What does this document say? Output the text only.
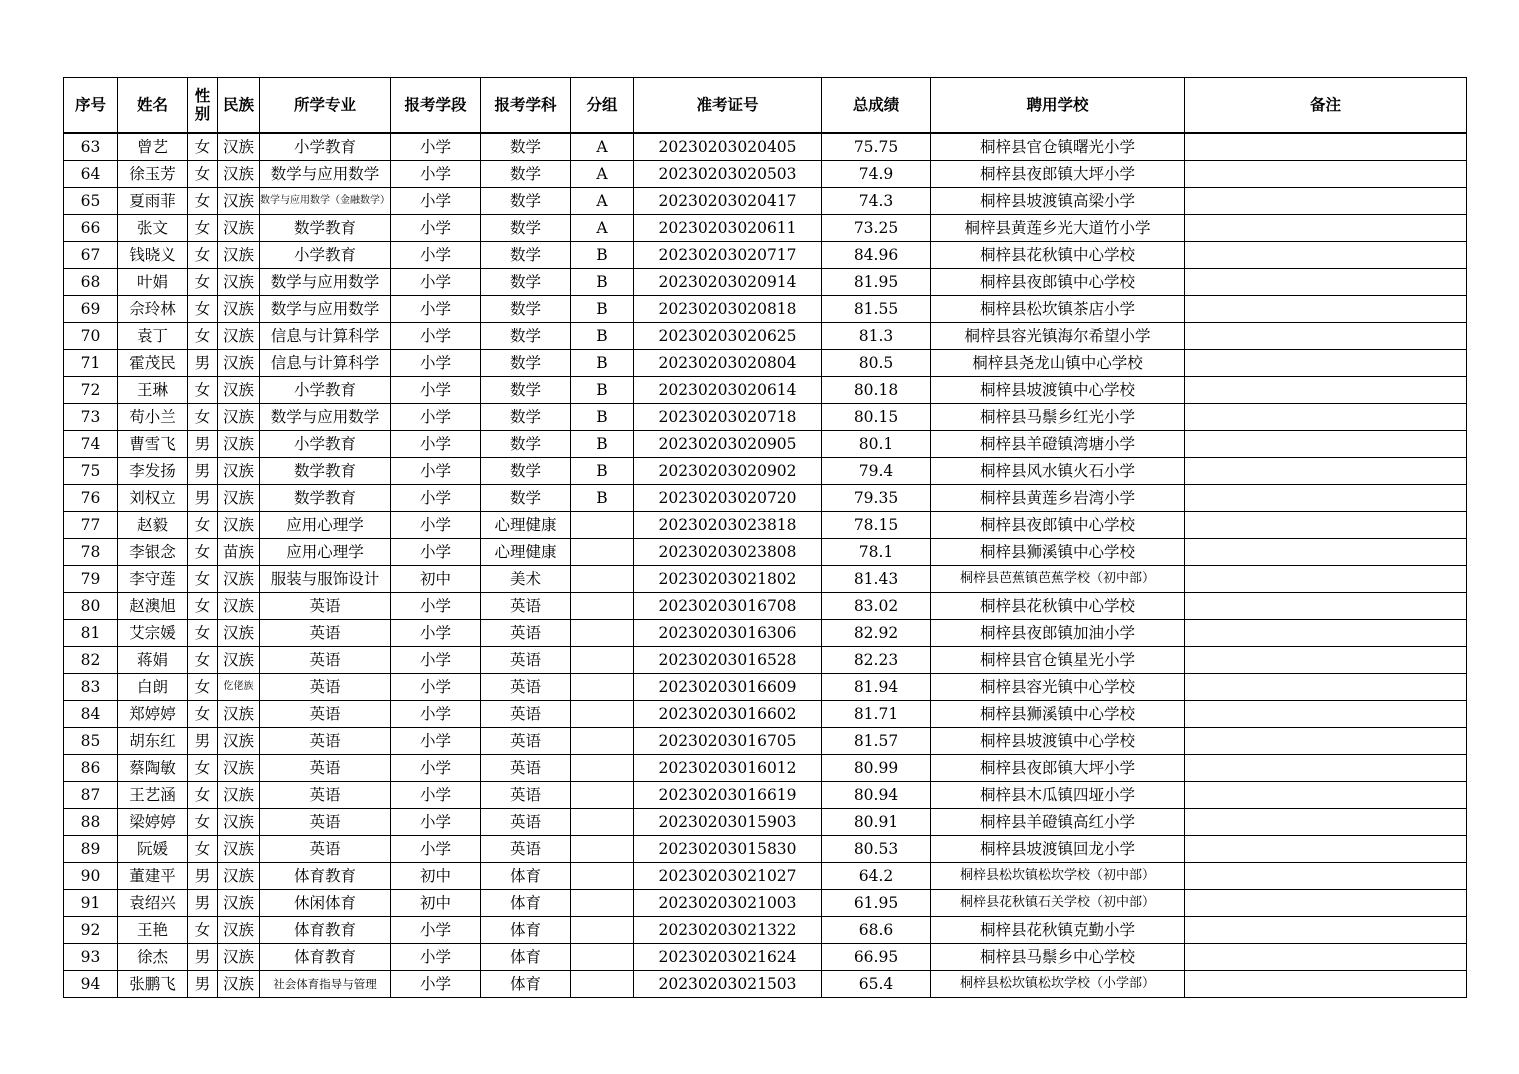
序号	姓名	性别	民族	所学专业	报考学段	报考学科	分组	准考证号	总成绩	聘用学校	备注
63	曾艺	女	汉族	小学教育	小学	数学	A	20230203020405	75.75	桐梓县官仓镇曙光小学	
64	徐玉芳	女	汉族	数学与应用数学	小学	数学	A	20230203020503	74.9	桐梓县夜郎镇大坪小学	
65	夏雨菲	女	汉族	数学与应用数学（金融数学）	小学	数学	A	20230203020417	74.3	桐梓县坡渡镇高梁小学	
66	张文	女	汉族	数学教育	小学	数学	A	20230203020611	73.25	桐梓县黄莲乡光大道竹小学	
67	钱晓义	女	汉族	小学教育	小学	数学	B	20230203020717	84.96	桐梓县花秋镇中心学校	
68	叶娟	女	汉族	数学与应用数学	小学	数学	B	20230203020914	81.95	桐梓县夜郎镇中心学校	
69	佘玲林	女	汉族	数学与应用数学	小学	数学	B	20230203020818	81.55	桐梓县松坎镇茶店小学	
70	袁丁	女	汉族	信息与计算科学	小学	数学	B	20230203020625	81.3	桐梓县容光镇海尔希望小学	
71	霍茂民	男	汉族	信息与计算科学	小学	数学	B	20230203020804	80.5	桐梓县尧龙山镇中心学校	
72	王琳	女	汉族	小学教育	小学	数学	B	20230203020614	80.18	桐梓县坡渡镇中心学校	
73	苟小兰	女	汉族	数学与应用数学	小学	数学	B	20230203020718	80.15	桐梓县马鬃乡红光小学	
74	曹雪飞	男	汉族	小学教育	小学	数学	B	20230203020905	80.1	桐梓县羊磴镇湾塘小学	
75	李发扬	男	汉族	数学教育	小学	数学	B	20230203020902	79.4	桐梓县风水镇火石小学	
76	刘权立	男	汉族	数学教育	小学	数学	B	20230203020720	79.35	桐梓县黄莲乡岩湾小学	
77	赵毅	女	汉族	应用心理学	小学	心理健康		20230203023818	78.15	桐梓县夜郎镇中心学校	
78	李银念	女	苗族	应用心理学	小学	心理健康		20230203023808	78.1	桐梓县狮溪镇中心学校	
79	李守莲	女	汉族	服装与服饰设计	初中	美术		20230203021802	81.43	桐梓县芭蕉镇芭蕉学校（初中部）	
80	赵澳旭	女	汉族	英语	小学	英语		20230203016708	83.02	桐梓县花秋镇中心学校	
81	艾宗媛	女	汉族	英语	小学	英语		20230203016306	82.92	桐梓县夜郎镇加油小学	
82	蒋娟	女	汉族	英语	小学	英语		20230203016528	82.23	桐梓县官仓镇星光小学	
83	白朗	女	仡佬族	英语	小学	英语		20230203016609	81.94	桐梓县容光镇中心学校	
84	郑婷婷	女	汉族	英语	小学	英语		20230203016602	81.71	桐梓县狮溪镇中心学校	
85	胡东红	男	汉族	英语	小学	英语		20230203016705	81.57	桐梓县坡渡镇中心学校	
86	蔡陶敏	女	汉族	英语	小学	英语		20230203016012	80.99	桐梓县夜郎镇大坪小学	
87	王艺涵	女	汉族	英语	小学	英语		20230203016619	80.94	桐梓县木瓜镇四垭小学	
88	梁婷婷	女	汉族	英语	小学	英语		20230203015903	80.91	桐梓县羊磴镇高红小学	
89	阮媛	女	汉族	英语	小学	英语		20230203015830	80.53	桐梓县坡渡镇回龙小学	
90	董建平	男	汉族	体育教育	初中	体育		20230203021027	64.2	桐梓县松坎镇松坎学校（初中部）	
91	袁绍兴	男	汉族	休闲体育	初中	体育		20230203021003	61.95	桐梓县花秋镇石关学校（初中部）	
92	王艳	女	汉族	体育教育	小学	体育		20230203021322	68.6	桐梓县花秋镇克勤小学	
93	徐杰	男	汉族	体育教育	小学	体育		20230203021624	66.95	桐梓县马鬃乡中心学校	
94	张鹏飞	男	汉族	社会体育指导与管理	小学	体育		20230203021503	65.4	桐梓县松坎镇松坎学校（小学部）	
